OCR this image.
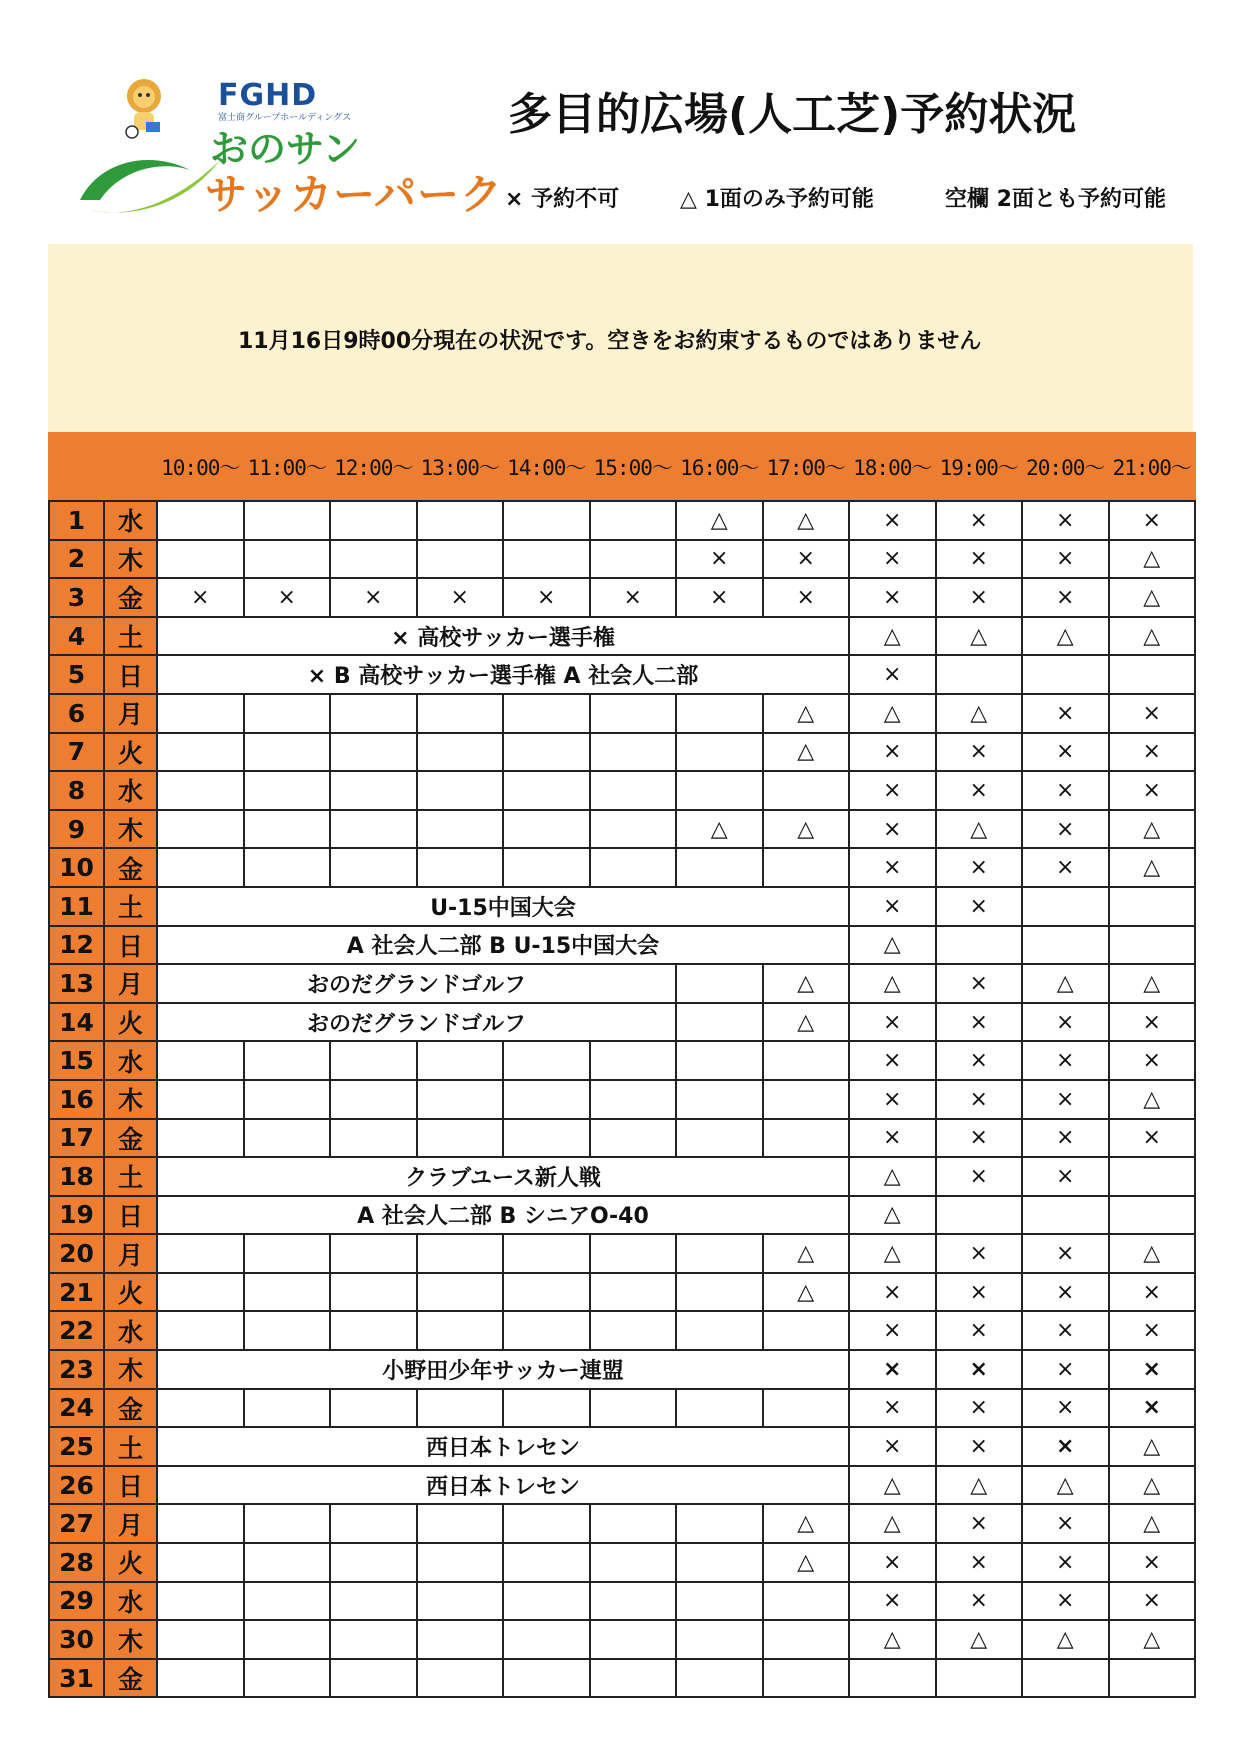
FGHD
富士商グループホールディングス
おのサン
サッカーパーク
多目的広場(人工芝)予約状況
× 予約不可	△ 1面のみ予約可能	空欄 2面とも予約可能
11月16日9時00分現在の状況です。空きをお約束するものではありません
		10:00～	11:00～	12:00～	13:00～	14:00～	15:00～	16:00～	17:00～	18:00～	19:00～	20:00～	21:00～
1	水							△	△	×	×	×	×
2	木							×	×	×	×	×	△
3	金	×	×	×	×	×	×	×	×	×	×	×	△
4	土	× 高校サッカー選手権								△	△	△	△
5	日	× B 高校サッカー選手権 A 社会人二部								×			
6	月								△	△	△	×	×
7	火								△	×	×	×	×
8	水									×	×	×	×
9	木							△	△	×	△	×	△
10	金									×	×	×	△
11	土	U-15中国大会								×	×		
12	日	A 社会人二部 B U-15中国大会								△			
13	月	おのだグランドゴルフ							△	△	×	△	△
14	火	おのだグランドゴルフ							△	×	×	×	×
15	水									×	×	×	×
16	木									×	×	×	△
17	金									×	×	×	×
18	土	クラブユース新人戦								△	×	×	
19	日	A 社会人二部 B シニアO-40								△			
20	月								△	△	×	×	△
21	火								△	×	×	×	×
22	水									×	×	×	×
23	木	小野田少年サッカー連盟								×	×	×	×
24	金									×	×	×	×
25	土	西日本トレセン								×	×	×	△
26	日	西日本トレセン								△	△	△	△
27	月								△	△	×	×	△
28	火								△	×	×	×	×
29	水									×	×	×	×
30	木									△	△	△	△
31	金												
